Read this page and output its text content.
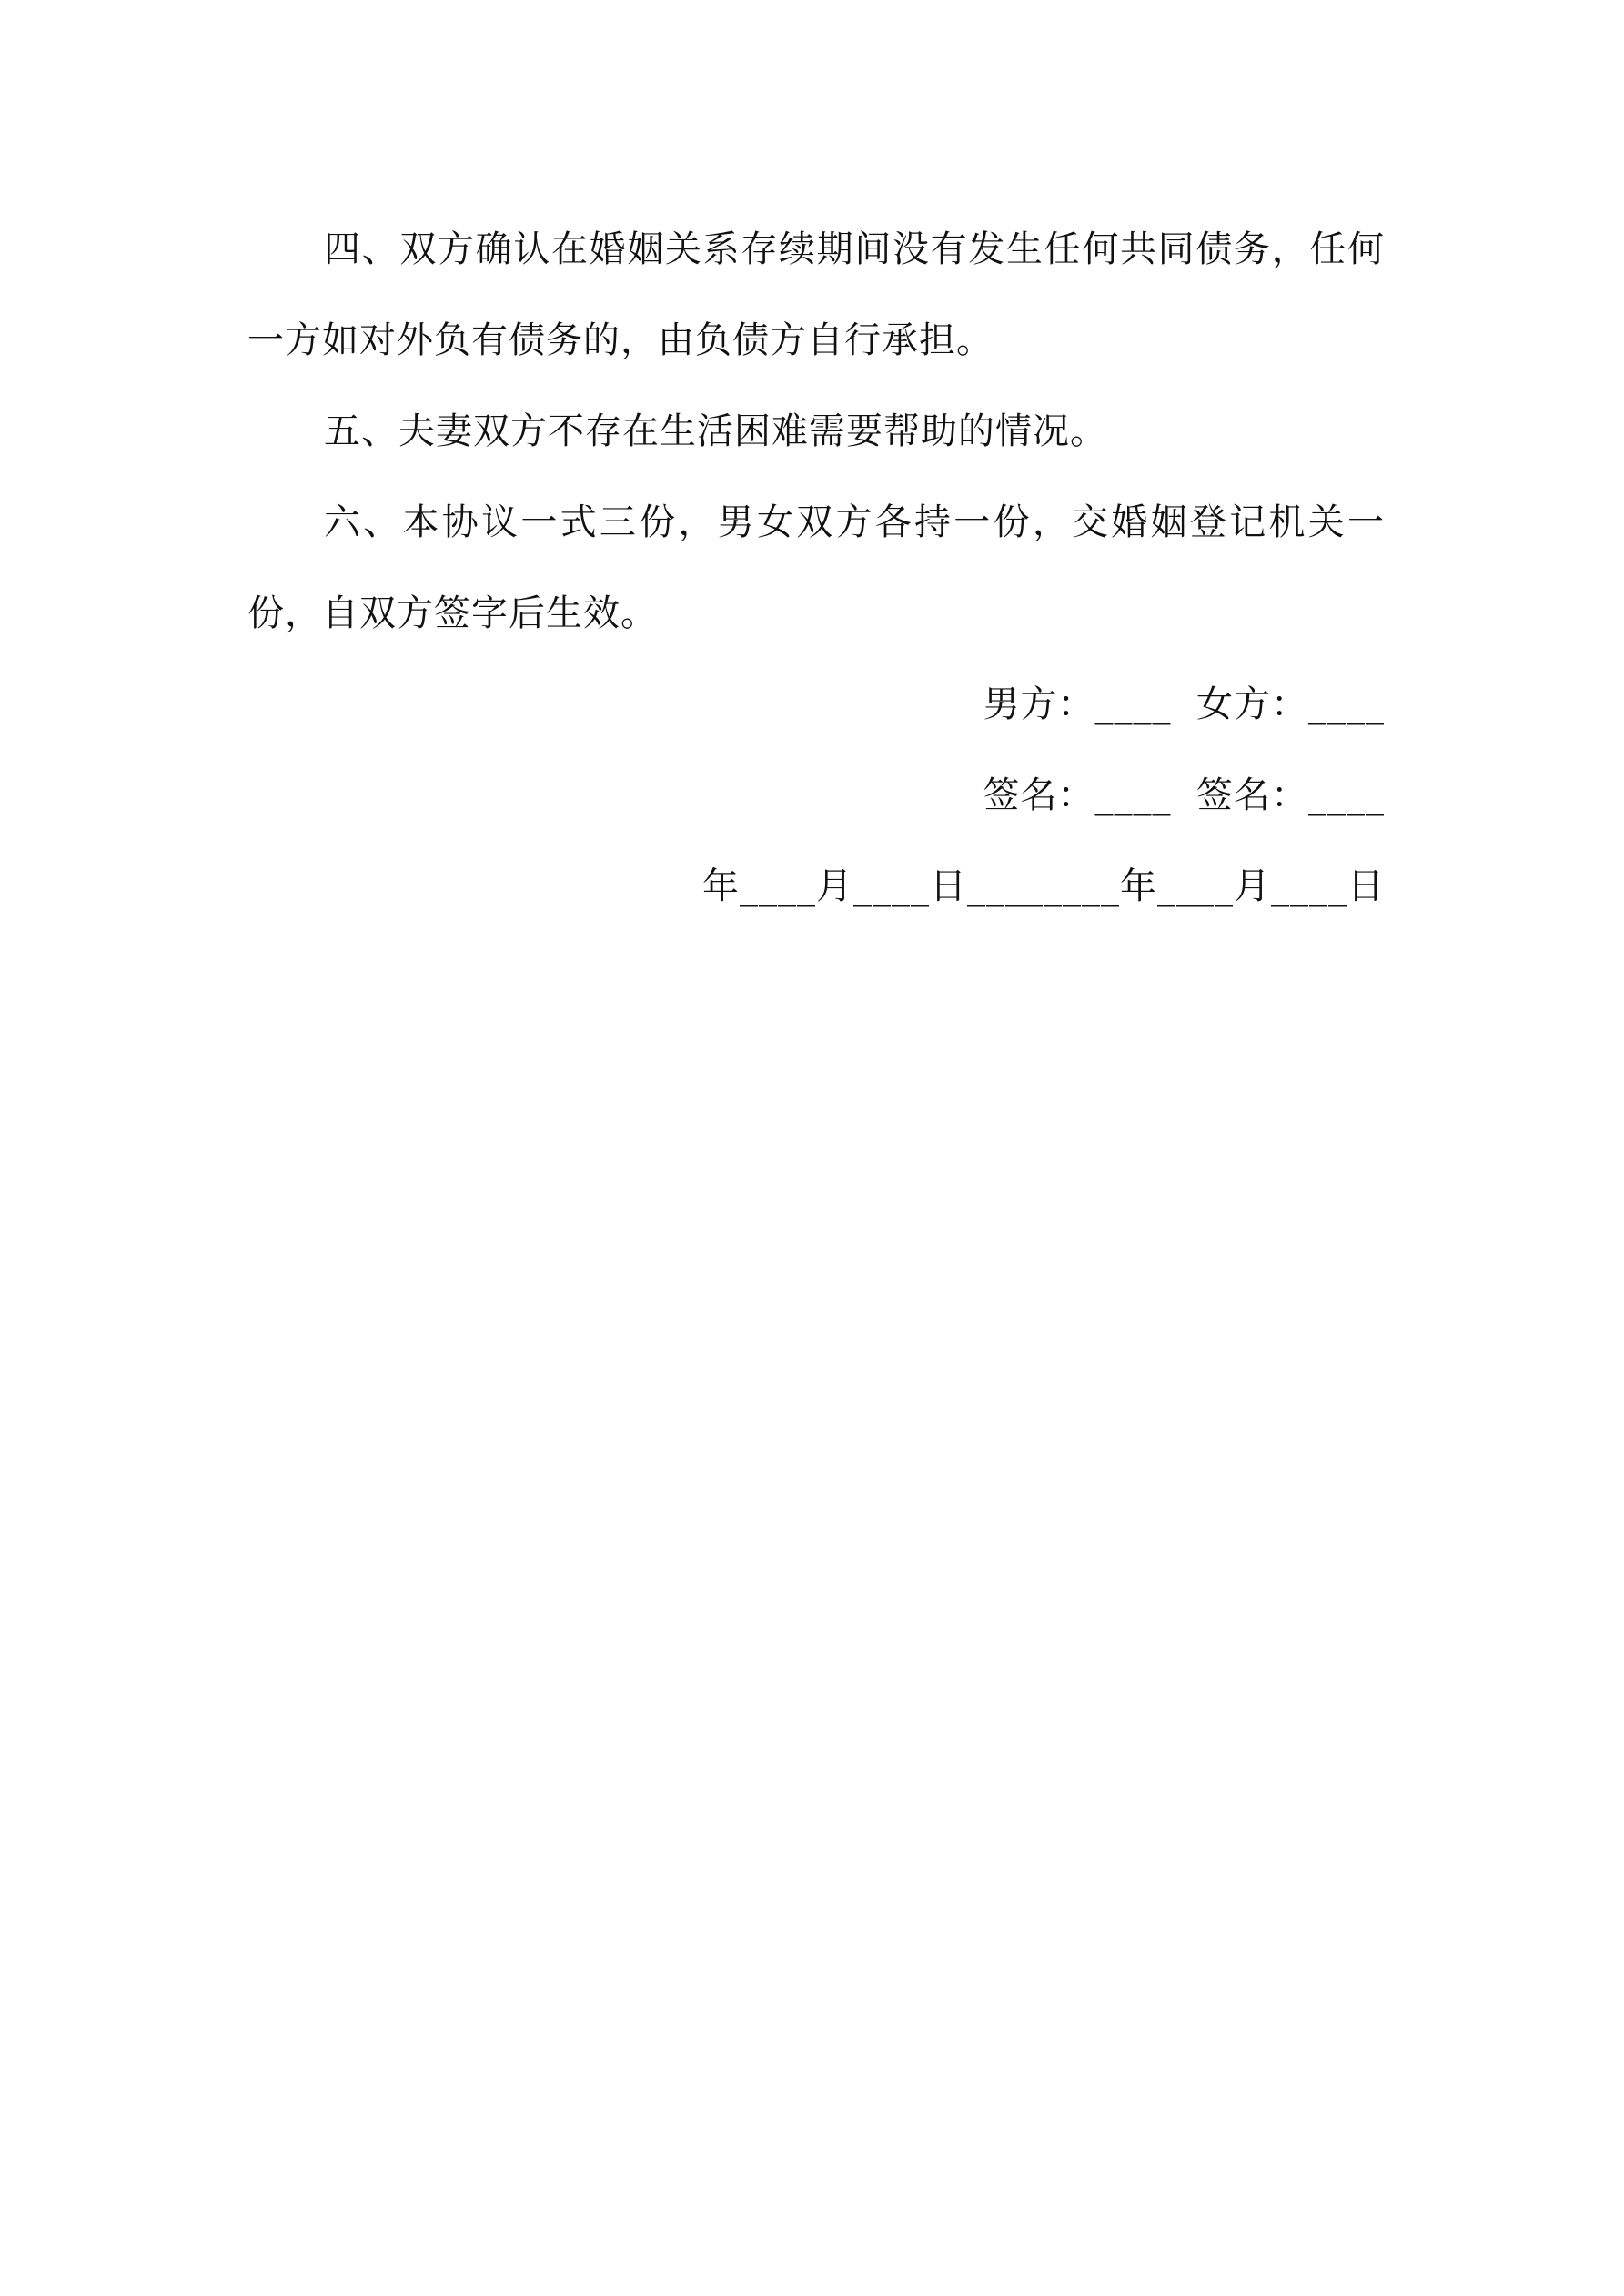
四、双方确认在婚姻关系存续期间没有发生任何共同债务，任何一方如对外负有债务的，由负债方自行承担。

五、夫妻双方不存在生活困难需要帮助的情况。

六、本协议一式三份，男女双方各持一份，交婚姻登记机关一份，自双方签字后生效。

男方：____  女方：____

签名：____  签名：____

年____月____日________年____月____日
